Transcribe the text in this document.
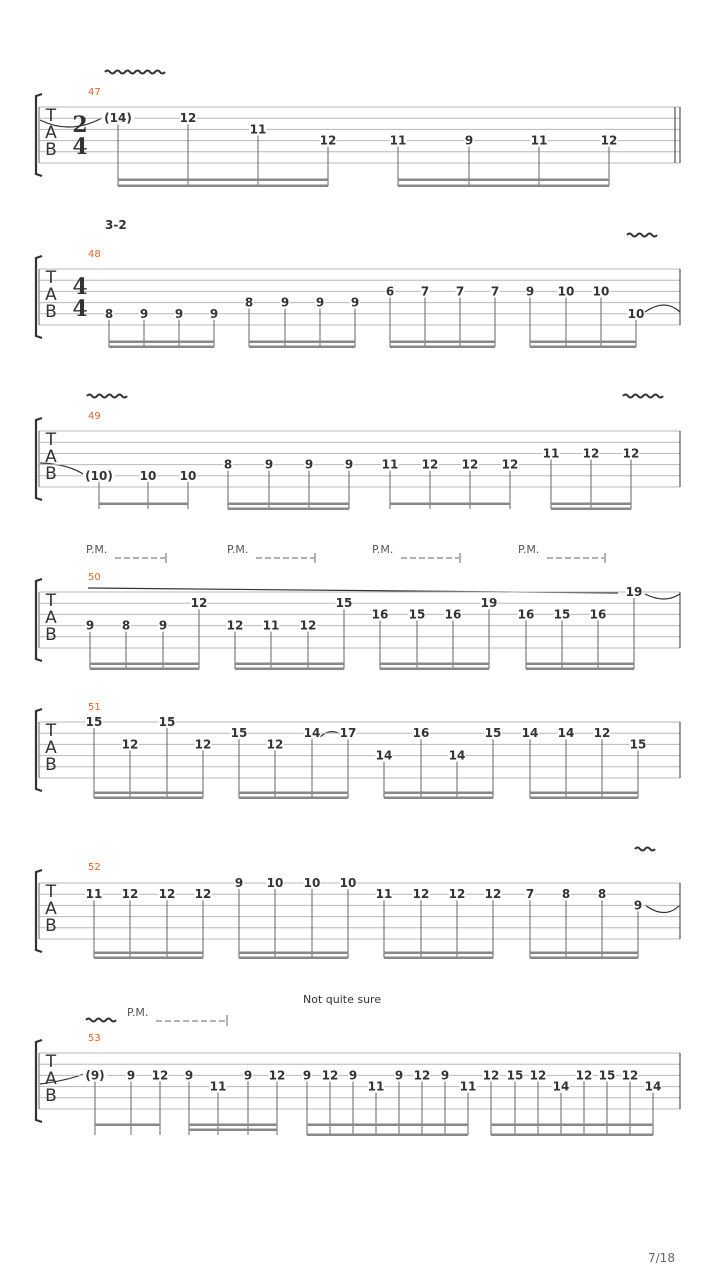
3-2
Not quite sure
P.M.	P.M.	P.M.	P.M.
P.M.
7/18
T
A
B
47
2
4
(14)	12
11
12	11	9	11	12
T
A
B
48
4
4 8 9 9 9
8 9 9 9
6 7 7 7 9 10 10
10
T
A
B
49
(10) 10 10
8	9	9	9 11 12 12 12
11 12 12
T
A
B
50
9 8 9
12
12 11 12
15
16 15 16
19
16 15 16
19
T
A
B
51
15
12
15
12
15
12
14 17
14
16
14
15 14 14 12
15
T
A
B
52
11 12 12 12
9 10 10 10
11 12 12 12 7 8 8
9
T
A
B
53
(9) 9 12 9
11
9 12 9 12 9
11
9 12 9
11
12 15 12
14
12 15 12
14
